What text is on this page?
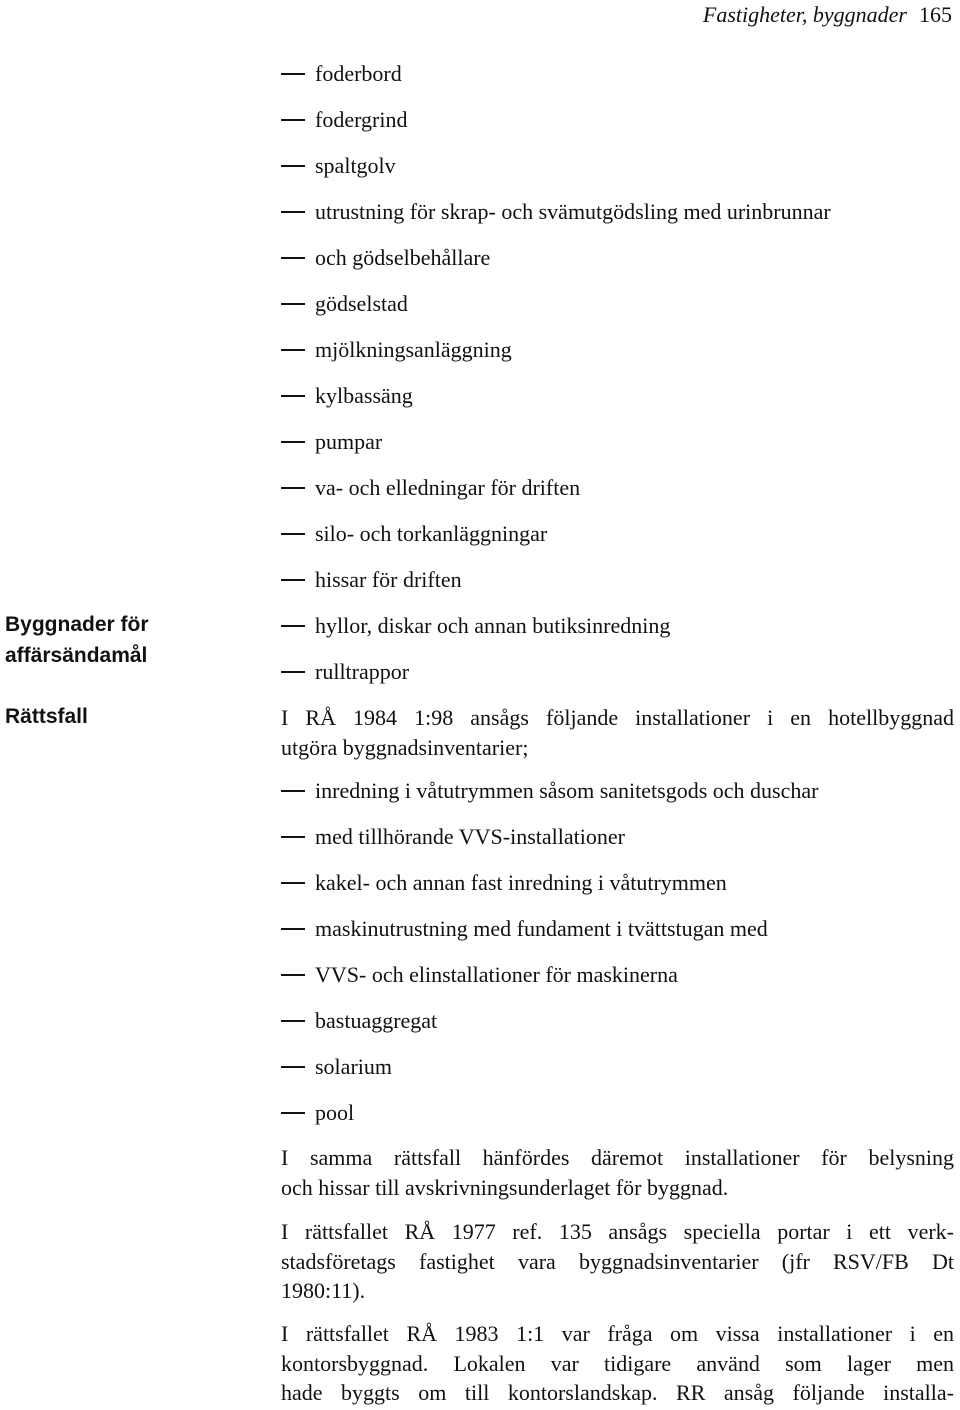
Fastigheter, byggnader 165
Byggnader för
affärsändamål
Rättsfall
foderbord
fodergrind
spaltgolv
utrustning för skrap- och svämutgödsling med urinbrunnar
och gödselbehållare
gödselstad
mjölkningsanläggning
kylbassäng
pumpar
va- och elledningar för driften
silo- och torkanläggningar
hissar för driften
hyllor, diskar och annan butiksinredning
rulltrappor
I RÅ 1984 1:98 ansågs följande installationer i en hotellbyggnad
utgöra byggnadsinventarier;
inredning i våtutrymmen såsom sanitetsgods och duschar
med tillhörande VVS-installationer
kakel- och annan fast inredning i våtutrymmen
maskinutrustning med fundament i tvättstugan med
VVS- och elinstallationer för maskinerna
bastuaggregat
solarium
pool
I samma rättsfall hänfördes däremot installationer för belysning
och hissar till avskrivningsunderlaget för byggnad.
I rättsfallet RÅ 1977 ref. 135 ansågs speciella portar i ett verk-
stadsföretags fastighet vara byggnadsinventarier (jfr RSV/FB Dt
1980:11).
I rättsfallet RÅ 1983 1:1 var fråga om vissa installationer i en
kontorsbyggnad. Lokalen var tidigare använd som lager men
hade byggts om till kontorslandskap. RR ansåg följande installa-
